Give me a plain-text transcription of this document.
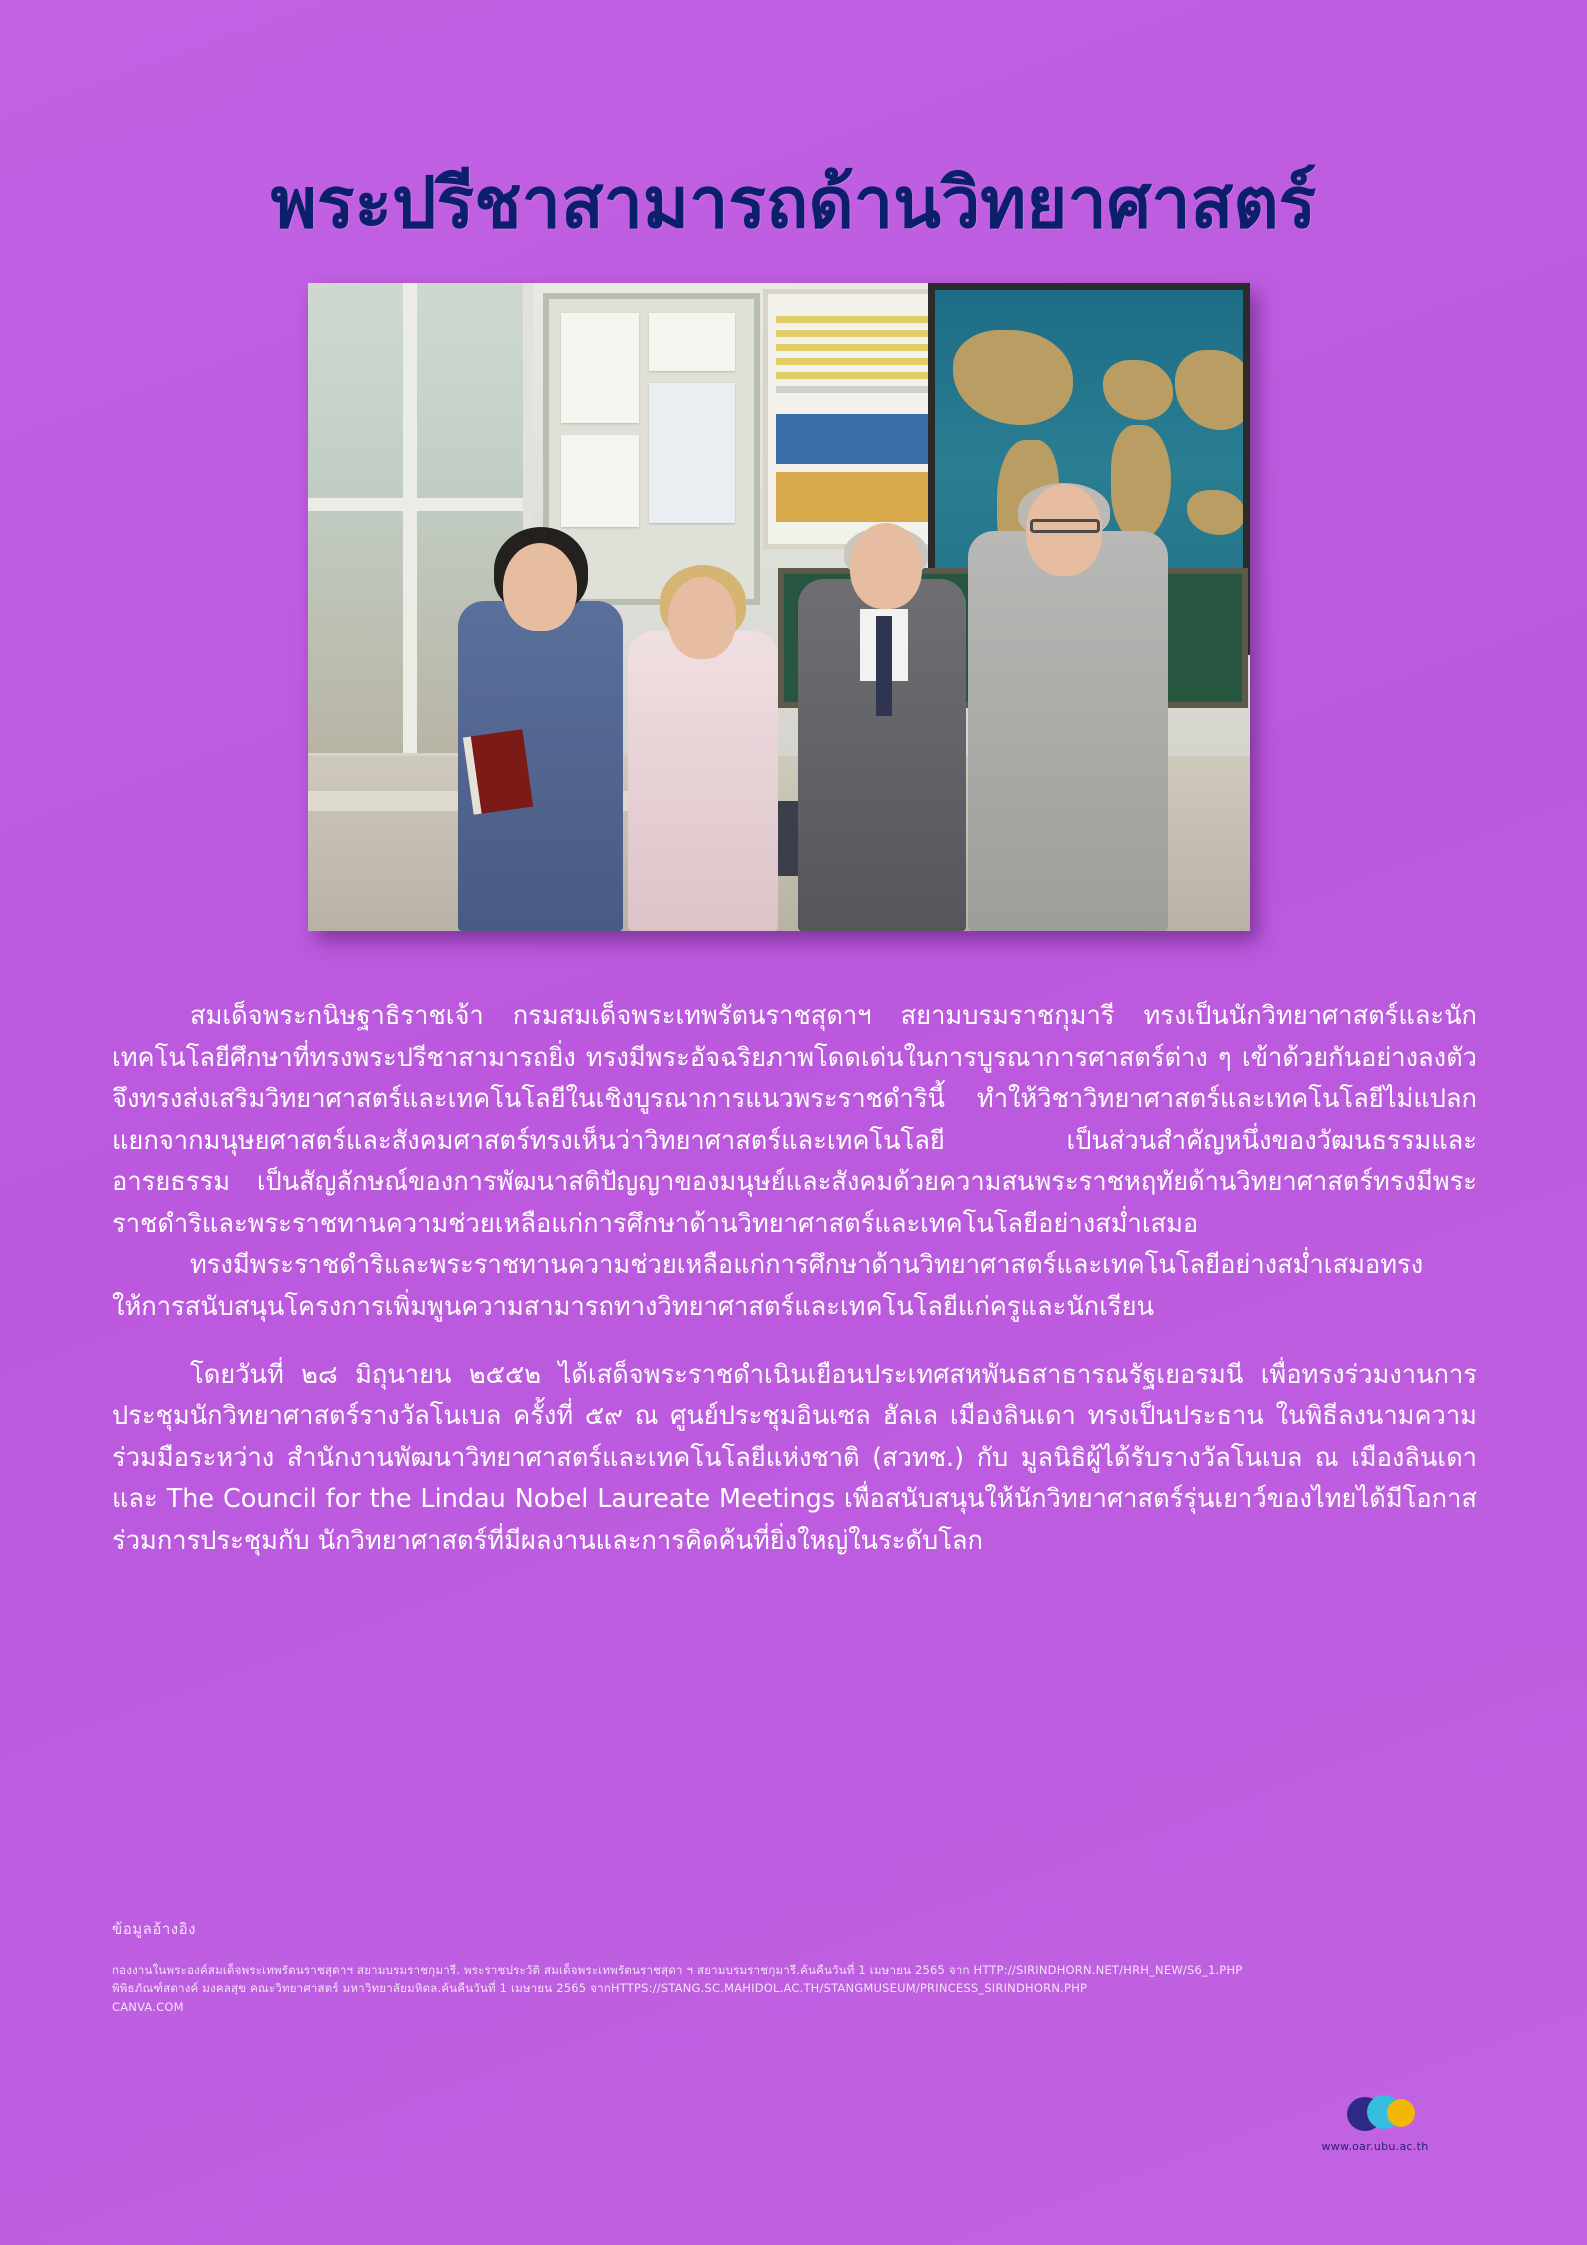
พระปรีชาสามารถด้านวิทยาศาสตร์

สมเด็จพระกนิษฐาธิราชเจ้า กรมสมเด็จพระเทพรัตนราชสุดาฯ สยามบรมราชกุมารี ทรงเป็นนักวิทยาศาสตร์และนักเทคโนโลยีศึกษาที่ทรงพระปรีชาสามารถยิ่ง ทรงมีพระอัจฉริยภาพโดดเด่นในการบูรณาการศาสตร์ต่าง ๆ เข้าด้วยกันอย่างลงตัว จึงทรงส่งเสริมวิทยาศาสตร์และเทคโนโลยีในเชิงบูรณาการแนวพระราชดำรินี้ ทำให้วิชาวิทยาศาสตร์และเทคโนโลยีไม่แปลกแยกจากมนุษยศาสตร์และสังคมศาสตร์ทรงเห็นว่าวิทยาศาสตร์และเทคโนโลยี เป็นส่วนสำคัญหนึ่งของวัฒนธรรมและอารยธรรม เป็นสัญลักษณ์ของการพัฒนาสติปัญญาของมนุษย์และสังคมด้วยความสนพระราชหฤทัยด้านวิทยาศาสตร์ทรงมีพระราชดำริและพระราชทานความช่วยเหลือแก่การศึกษาด้านวิทยาศาสตร์และเทคโนโลยีอย่างสม่ำเสมอ

ทรงมีพระราชดำริและพระราชทานความช่วยเหลือแก่การศึกษาด้านวิทยาศาสตร์และเทคโนโลยีอย่างสม่ำเสมอทรงให้การสนับสนุนโครงการเพิ่มพูนความสามารถทางวิทยาศาสตร์และเทคโนโลยีแก่ครูและนักเรียน

โดยวันที่ ๒๘ มิถุนายน ๒๕๕๒ ได้เสด็จพระราชดำเนินเยือนประเทศสหพันธสาธารณรัฐเยอรมนี เพื่อทรงร่วมงานการประชุมนักวิทยาศาสตร์รางวัลโนเบล ครั้งที่ ๕๙ ณ ศูนย์ประชุมอินเซล ฮัลเล เมืองลินเดา ทรงเป็นประธาน ในพิธีลงนามความร่วมมือระหว่าง สำนักงานพัฒนาวิทยาศาสตร์และเทคโนโลยีแห่งชาติ (สวทช.) กับ มูลนิธิผู้ได้รับรางวัลโนเบล ณ เมืองลินเดา และ The Council for the Lindau Nobel Laureate Meetings เพื่อสนับสนุนให้นักวิทยาศาสตร์รุ่นเยาว์ของไทยได้มีโอกาสร่วมการประชุมกับ นักวิทยาศาสตร์ที่มีผลงานและการคิดค้นที่ยิ่งใหญ่ในระดับโลก

ข้อมูลอ้างอิง
กองงานในพระองค์สมเด็จพระเทพรัตนราชสุดาฯ สยามบรมราชกุมารี. พระราชประวัติ สมเด็จพระเทพรัตนราชสุดา ฯ สยามบรมราชกุมารี.ค้นคืนวันที่ 1 เมษายน 2565 จาก HTTP://SIRINDHORN.NET/HRH_NEW/S6_1.PHP
พิพิธภัณฑ์สตางค์ มงคลสุข คณะวิทยาศาสตร์ มหาวิทยาลัยมหิดล.ค้นคืนวันที่ 1 เมษายน 2565 จากHTTPS://STANG.SC.MAHIDOL.AC.TH/STANGMUSEUM/PRINCESS_SIRINDHORN.PHP
CANVA.COM
www.oar.ubu.ac.th
